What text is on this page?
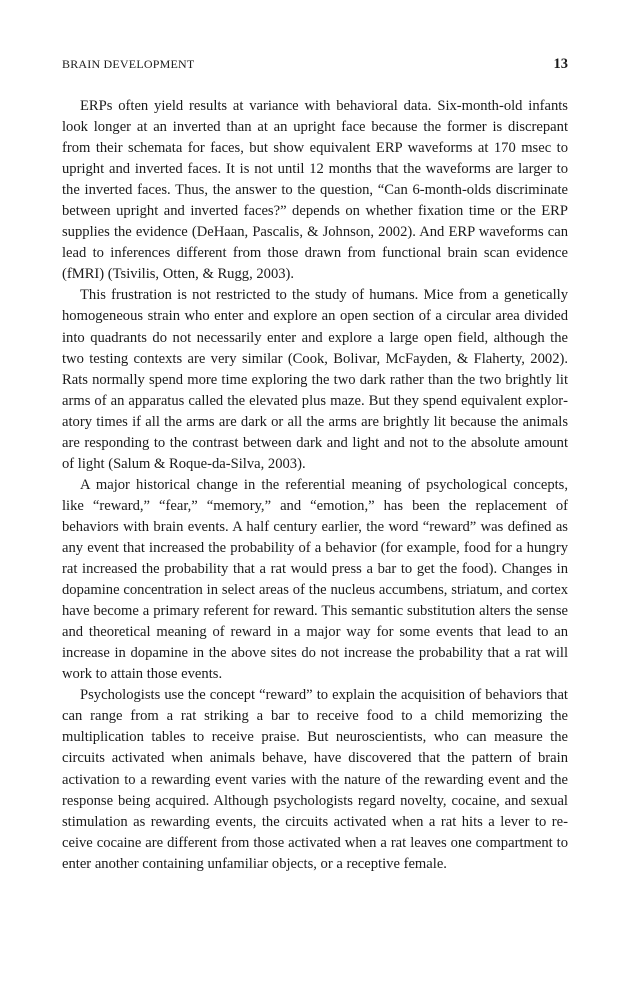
BRAIN DEVELOPMENT	13

ERPs often yield results at variance with behavioral data. Six-month-old infants look longer at an inverted than at an upright face because the former is discrepant from their schemata for faces, but show equivalent ERP waveforms at 170 msec to upright and inverted faces. It is not until 12 months that the waveforms are larger to the inverted faces. Thus, the answer to the question, “Can 6-month-olds discriminate between upright and inverted faces?” depends on whether fixation time or the ERP supplies the evidence (DeHaan, Pascalis, & Johnson, 2002). And ERP waveforms can lead to inferences different from those drawn from functional brain scan evidence (fMRI) (Tsivilis, Otten, & Rugg, 2003).

This frustration is not restricted to the study of humans. Mice from a genetically homogeneous strain who enter and explore an open section of a circular area divided into quadrants do not necessarily enter and explore a large open field, although the two testing contexts are very similar (Cook, Bolivar, McFayden, & Flaherty, 2002). Rats normally spend more time exploring the two dark rather than the two brightly lit arms of an apparatus called the elevated plus maze. But they spend equivalent exploratory times if all the arms are dark or all the arms are brightly lit because the animals are responding to the contrast between dark and light and not to the absolute amount of light (Salum & Roque-da-Silva, 2003).

A major historical change in the referential meaning of psychological concepts, like “reward,” “fear,” “memory,” and “emotion,” has been the replacement of behaviors with brain events. A half century earlier, the word “reward” was defined as any event that increased the probability of a behavior (for example, food for a hungry rat increased the probability that a rat would press a bar to get the food). Changes in dopamine concentration in select areas of the nucleus accumbens, striatum, and cortex have become a primary referent for reward. This semantic substitution alters the sense and theoretical meaning of reward in a major way for some events that lead to an increase in dopamine in the above sites do not increase the probability that a rat will work to attain those events.

Psychologists use the concept “reward” to explain the acquisition of behaviors that can range from a rat striking a bar to receive food to a child memorizing the multiplication tables to receive praise. But neuroscientists, who can measure the circuits activated when animals behave, have discovered that the pattern of brain activation to a rewarding event varies with the nature of the rewarding event and the response being acquired. Although psychologists regard novelty, cocaine, and sexual stimulation as rewarding events, the circuits activated when a rat hits a lever to receive cocaine are different from those activated when a rat leaves one compartment to enter another containing unfamiliar objects, or a receptive female.
